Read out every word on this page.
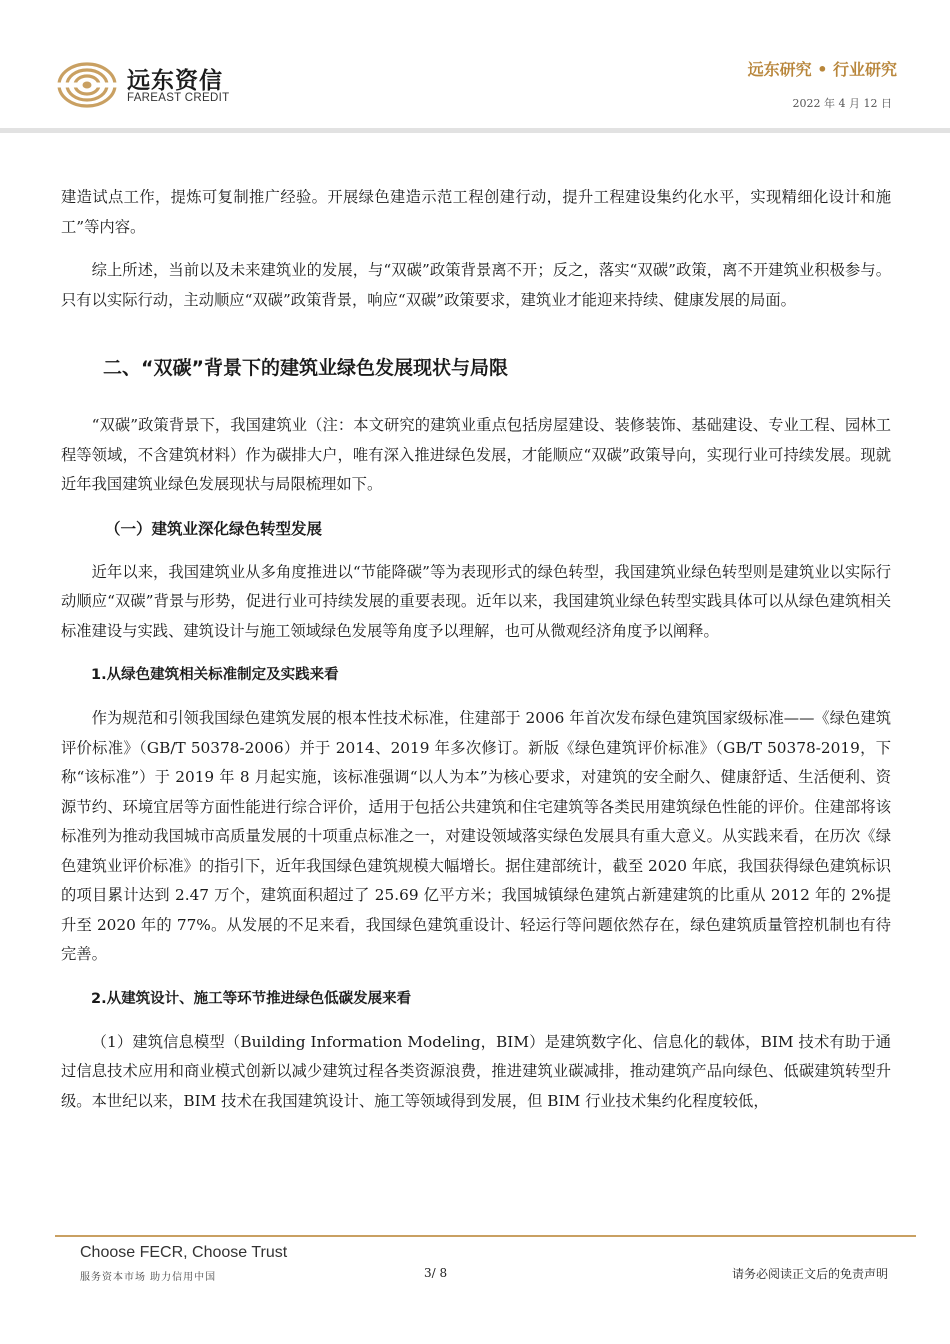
远东资信
FAREAST CREDIT
远东研究 • 行业研究
2022 年 4 月 12 日

建造试点工作，提炼可复制推广经验。开展绿色建造示范工程创建行动，提升工程建设集约化水平，实现精细化设计和施工”等内容。

综上所述，当前以及未来建筑业的发展，与“双碳”政策背景离不开；反之，落实“双碳”政策，离不开建筑业积极参与。只有以实际行动，主动顺应“双碳”政策背景，响应“双碳”政策要求，建筑业才能迎来持续、健康发展的局面。

二、“双碳”背景下的建筑业绿色发展现状与局限

“双碳”政策背景下，我国建筑业（注：本文研究的建筑业重点包括房屋建设、装修装饰、基础建设、专业工程、园林工程等领域，不含建筑材料）作为碳排大户，唯有深入推进绿色发展，才能顺应“双碳”政策导向，实现行业可持续发展。现就近年我国建筑业绿色发展现状与局限梳理如下。

（一）建筑业深化绿色转型发展

近年以来，我国建筑业从多角度推进以“节能降碳”等为表现形式的绿色转型，我国建筑业绿色转型则是建筑业以实际行动顺应“双碳”背景与形势，促进行业可持续发展的重要表现。近年以来，我国建筑业绿色转型实践具体可以从绿色建筑相关标准建设与实践、建筑设计与施工领域绿色发展等角度予以理解，也可从微观经济角度予以阐释。

1.从绿色建筑相关标准制定及实践来看

作为规范和引领我国绿色建筑发展的根本性技术标准，住建部于 2006 年首次发布绿色建筑国家级标准——《绿色建筑评价标准》（GB/T 50378-2006）并于 2014、2019 年多次修订。新版《绿色建筑评价标准》（GB/T 50378-2019，下称“该标准”）于 2019 年 8 月起实施，该标准强调“以人为本”为核心要求，对建筑的安全耐久、健康舒适、生活便利、资源节约、环境宜居等方面性能进行综合评价，适用于包括公共建筑和住宅建筑等各类民用建筑绿色性能的评价。住建部将该标准列为推动我国城市高质量发展的十项重点标准之一，对建设领域落实绿色发展具有重大意义。从实践来看，在历次《绿色建筑业评价标准》的指引下，近年我国绿色建筑规模大幅增长。据住建部统计，截至 2020 年底，我国获得绿色建筑标识的项目累计达到 2.47 万个，建筑面积超过了 25.69 亿平方米；我国城镇绿色建筑占新建建筑的比重从 2012 年的 2%提升至 2020 年的 77%。从发展的不足来看，我国绿色建筑重设计、轻运行等问题依然存在，绿色建筑质量管控机制也有待完善。

2.从建筑设计、施工等环节推进绿色低碳发展来看

（1）建筑信息模型（Building Information Modeling，BIM）是建筑数字化、信息化的载体，BIM 技术有助于通过信息技术应用和商业模式创新以减少建筑过程各类资源浪费，推进建筑业碳减排，推动建筑产品向绿色、低碳建筑转型升级。本世纪以来，BIM 技术在我国建筑设计、施工等领域得到发展，但 BIM 行业技术集约化程度较低，

Choose FECR, Choose Trust
服务资本市场 助力信用中国	3/ 8	请务必阅读正文后的免责声明
